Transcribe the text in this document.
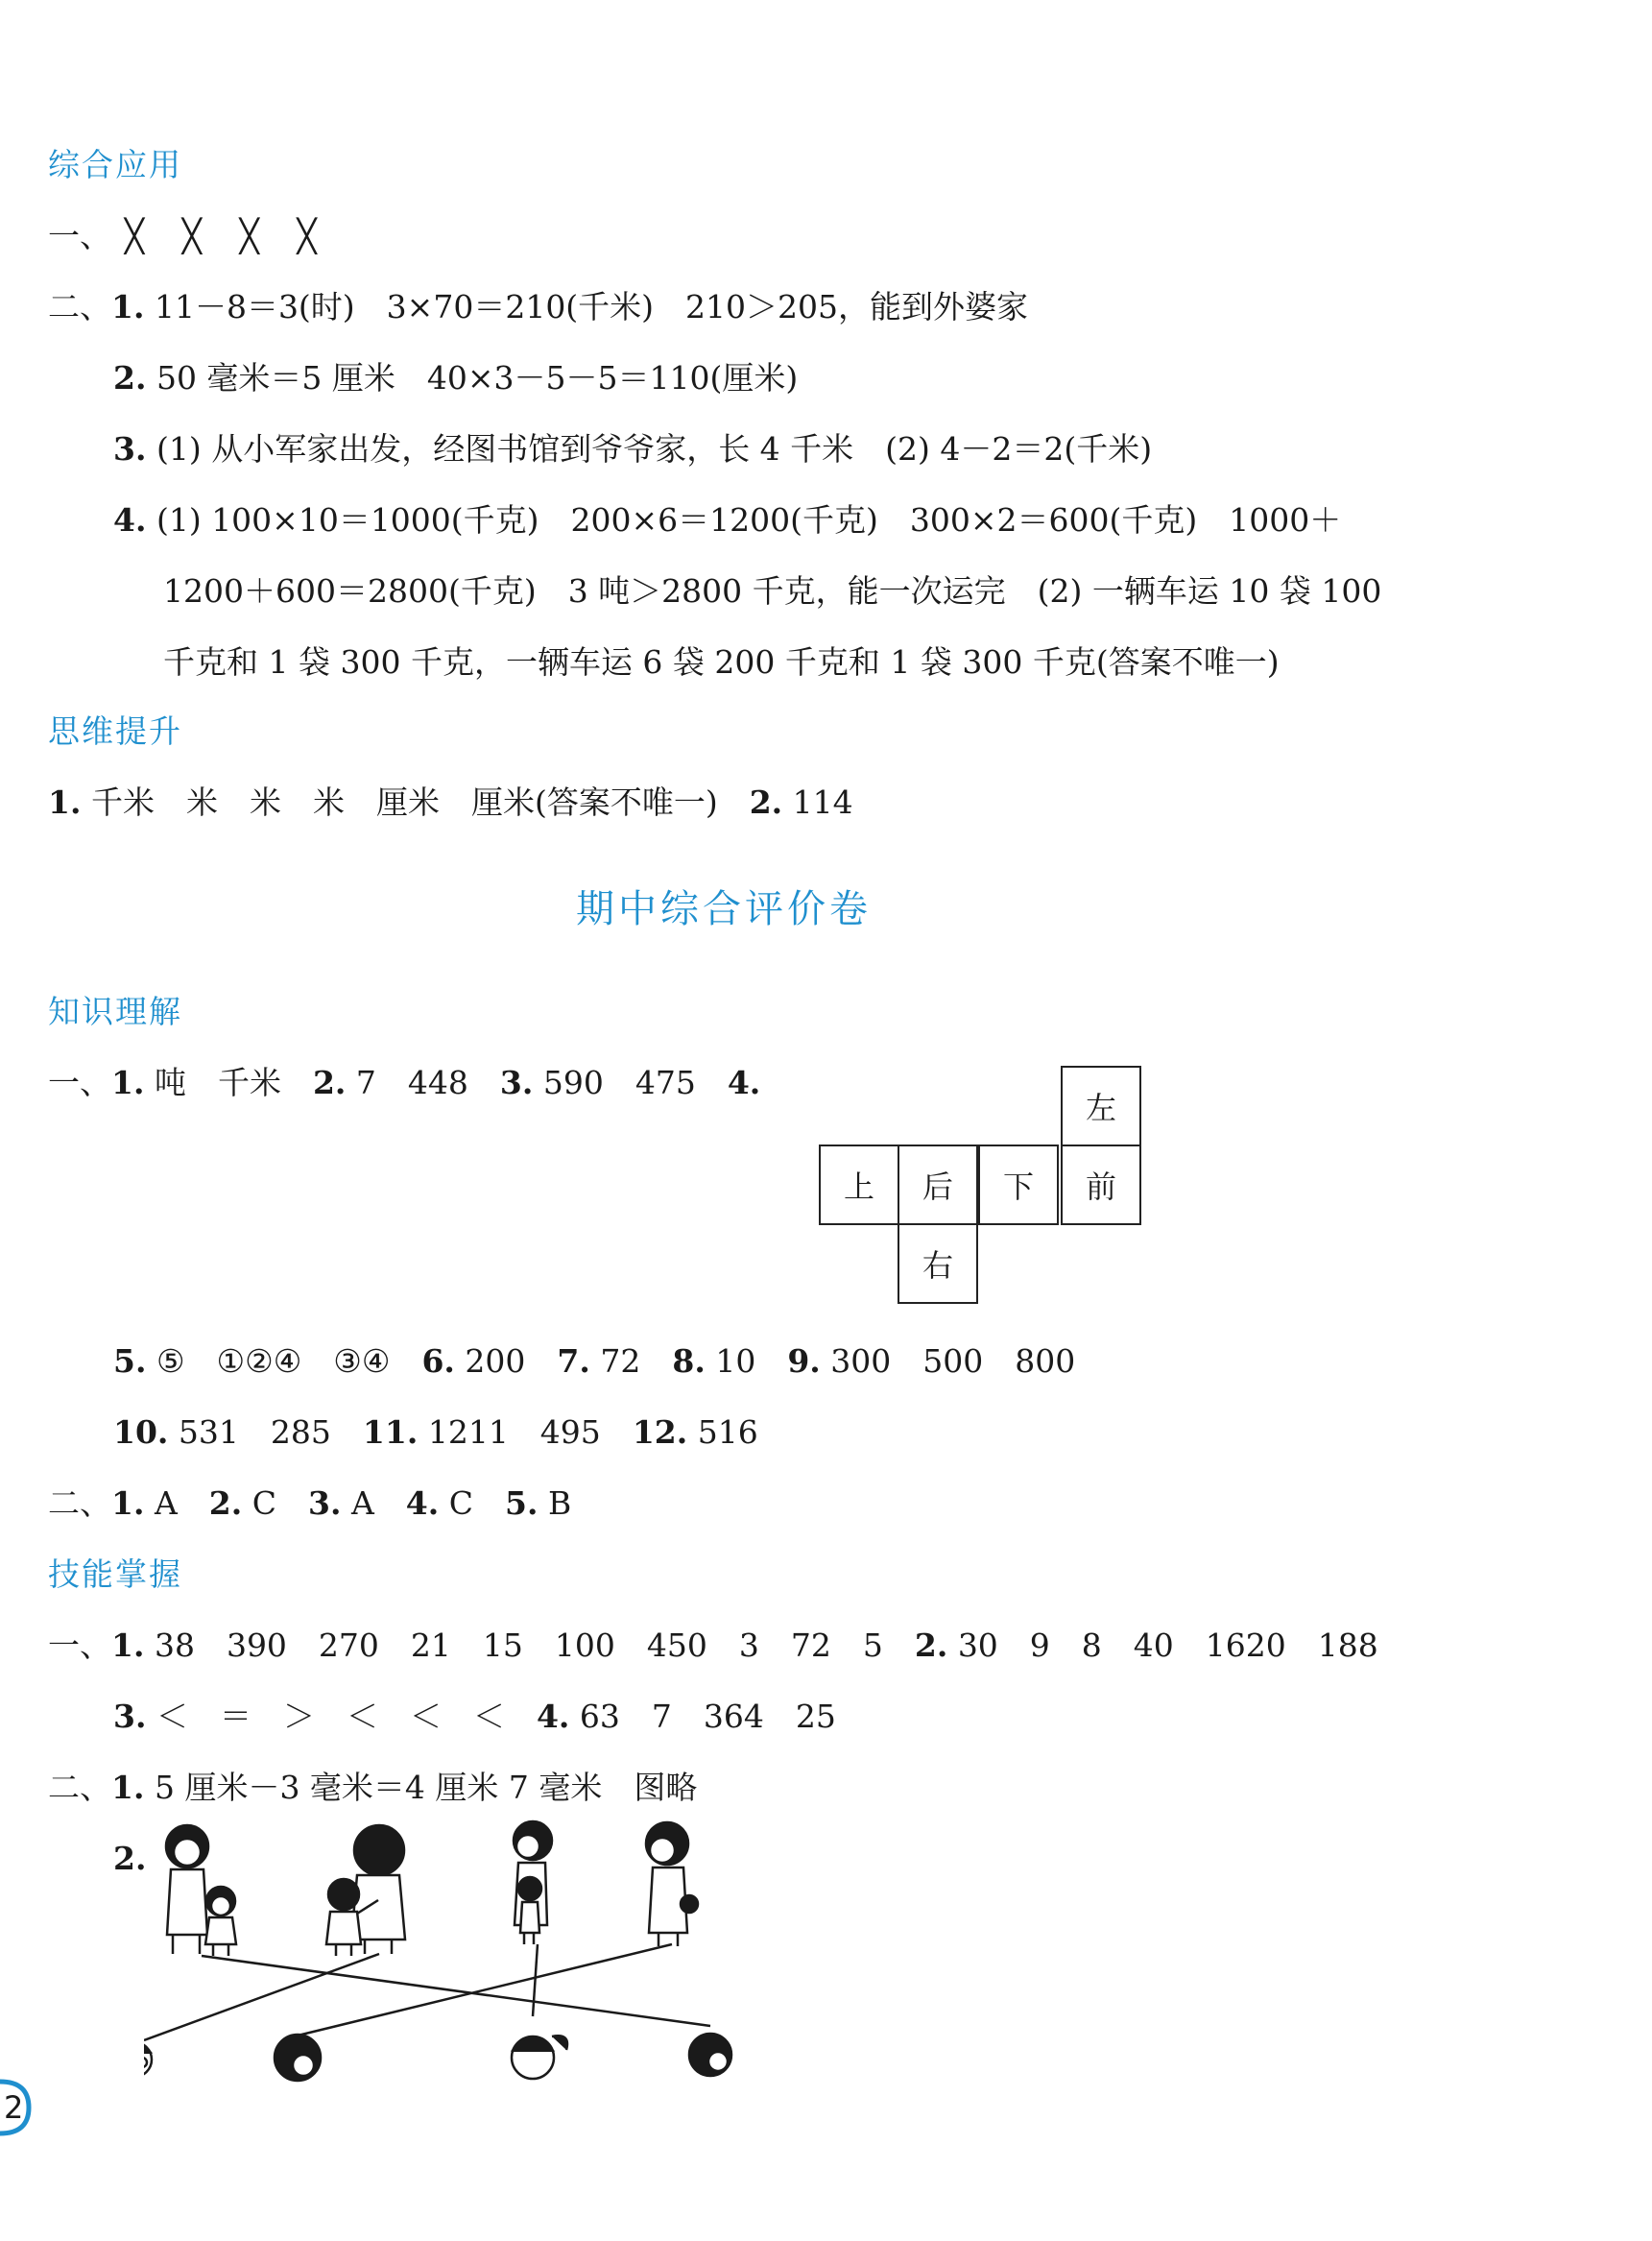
综合应用
一、 ╳ ╳ ╳ ╳
二、1. 11－8＝3(时)　3×70＝210(千米)　210＞205，能到外婆家
2. 50 毫米＝5 厘米　40×3－5－5＝110(厘米)
3. (1) 从小军家出发，经图书馆到爷爷家，长 4 千米　(2) 4－2＝2(千米)
4. (1) 100×10＝1000(千克)　200×6＝1200(千克)　300×2＝600(千克)　1000＋
1200＋600＝2800(千克)　3 吨＞2800 千克，能一次运完　(2) 一辆车运 10 袋 100
千克和 1 袋 300 千克，一辆车运 6 袋 200 千克和 1 袋 300 千克(答案不唯一)
思维提升
1. 千米　米　米　米　厘米　厘米(答案不唯一)　 2. 114
期中综合评价卷
知识理解
一、1. 吨　千米　 2. 7　448　 3. 590　475　 4.
左
上	后	下	前
右
5. ⑤　①②④　③④　 6. 200　 7. 72　 8. 10　 9. 300　500　800
10. 531　285　 11. 1211　495　 12. 516
二、1. A　 2. C　 3. A　 4. C　 5. B
技能掌握
一、1. 38　390　270　21　15　100　450　3　72　5　 2. 30　9　8　40　1620　188
3. ＜　＝　＞　＜　＜　＜　 4. 63　7　364　25
二、1. 5 厘米－3 毫米＝4 厘米 7 毫米　图略
2.
2
